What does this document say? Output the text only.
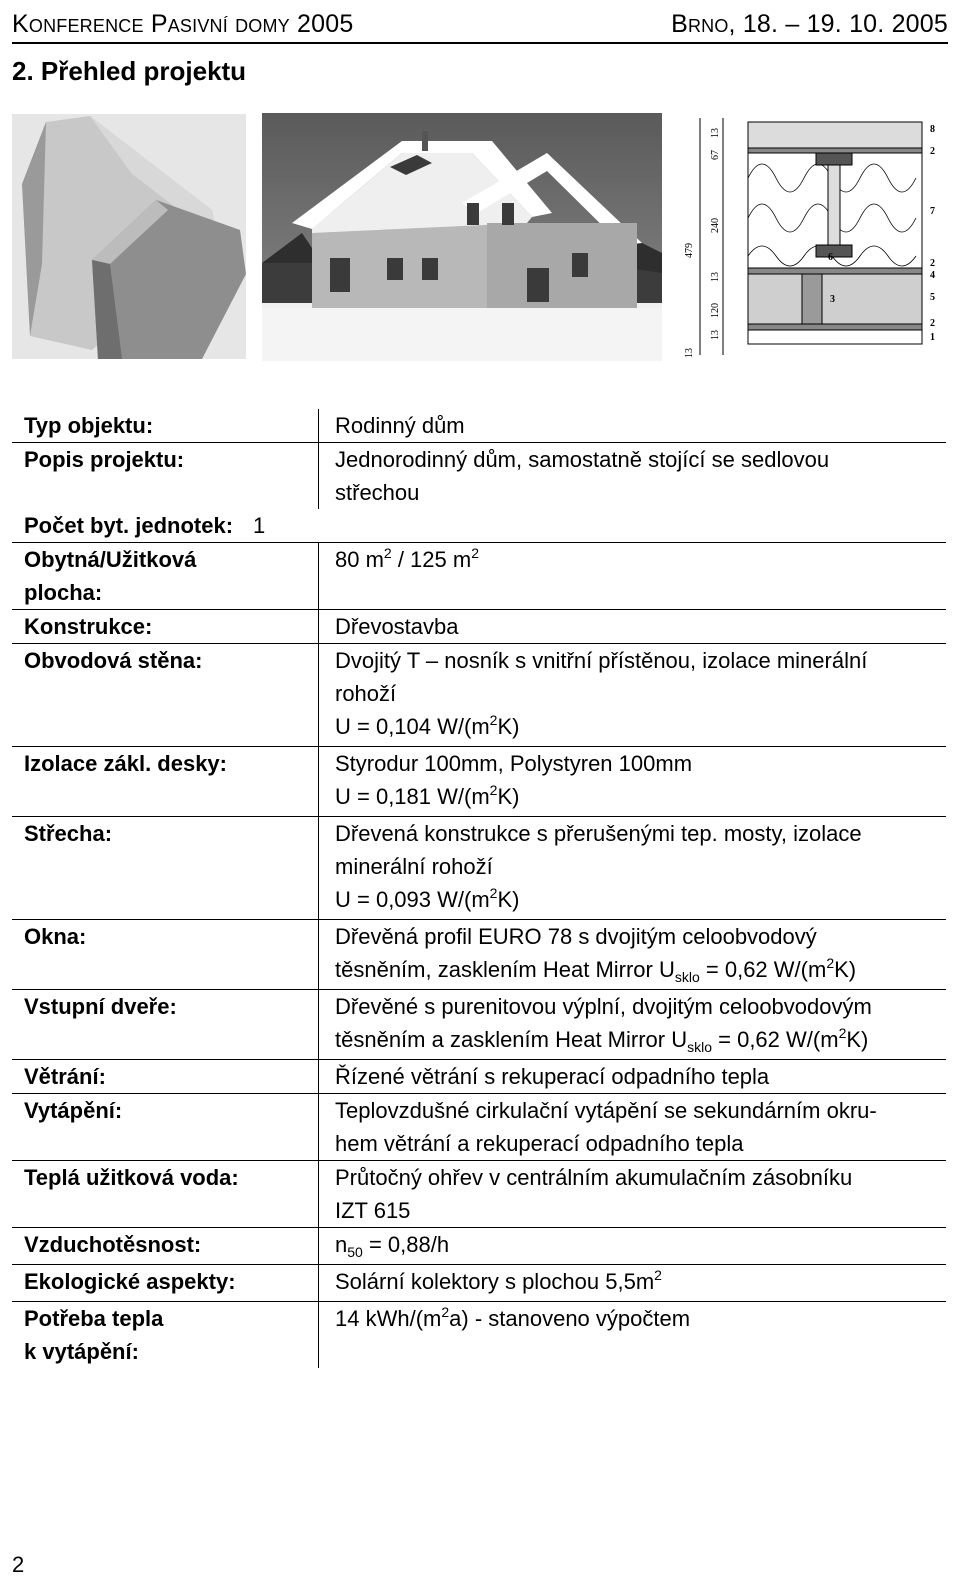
Konference Pasivní domy 2005	Brno, 18. – 19. 10. 2005
2. Přehled projektu
479
13
67
240
13
120
13
13
6
3
8
2
7
2
4
5
2
1
Typ objektu:	Rodinný dům

Popis projektu:	Jednorodinný dům, samostatně stojící se sedlovou
střechou

Počet byt. jednotek: 1	

Obytná/Užitková
plocha:	80 $m^2 / 125$ $m^2$

Konstrukce:	Dřevostavba

Obvodová stěna:	Dvojitý T – nosník s vnitřní přístěnou, izolace minerální
rohoží
U = 0,104 $W/(m^2K)$

Izolace zákl. desky:	Styrodur 100mm, Polystyren 100mm
U = 0,181 $W/(m^2K)$

Střecha:	Dřevená konstrukce s přerušenými tep. mosty, izolace
minerální rohoží
U = 0,093 $W/(m^2K)$

Okna:	Dřevěná profil EURO 78 s dvojitým celoobvodový
těsněním, zasklením Heat Mirror $U_{sklo} = 0,62$ $W/(m^2K)$

Vstupní dveře:	Dřevěné s purenitovou výplní, dvojitým celoobvodovým
těsněním a zasklením Heat Mirror $U_{sklo} = 0,62$ $W/(m^2K)$

Větrání:	Řízené větrání s rekuperací odpadního tepla

Vytápění:	Teplovzdušné cirkulační vytápění se sekundárním okru-
hem větrání a rekuperací odpadního tepla

Teplá užitková voda:	Průtočný ohřev v centrálním akumulačním zásobníku
IZT 615

Vzduchotěsnost:	$n_{50} = 0,88/h$

Ekologické aspekty:	Solární kolektory s plochou $5,5m^2$

Potřeba tepla
k vytápění:	14 kWh/$(m^2a)$ - stanoveno výpočtem
2
